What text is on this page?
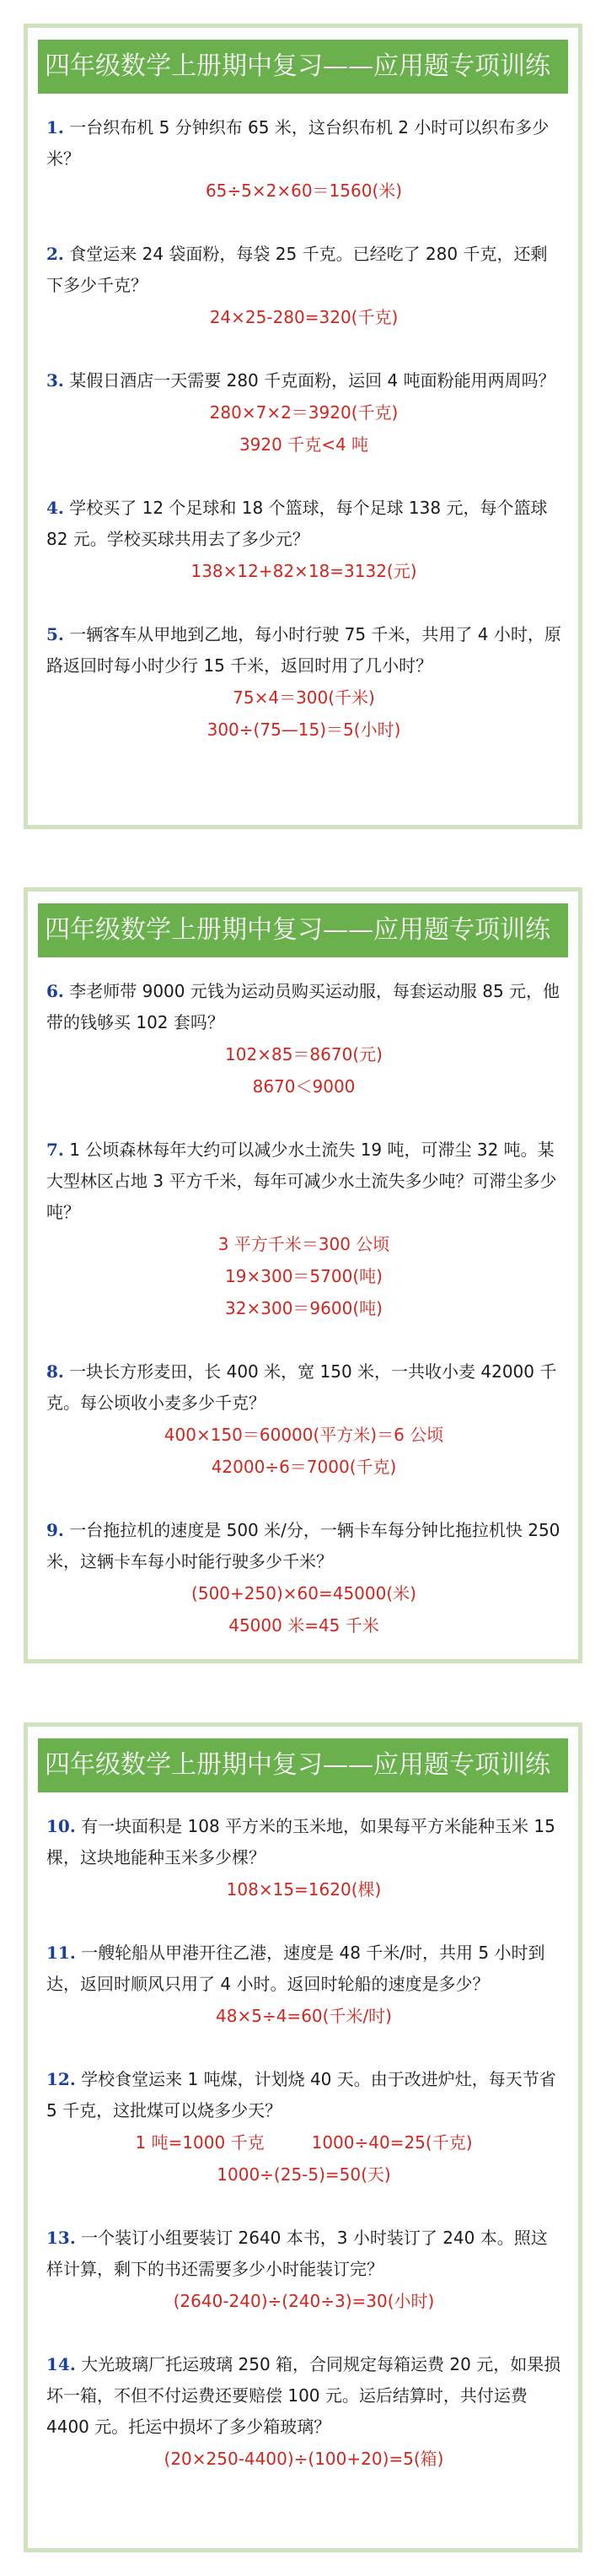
四年级数学上册期中复习——应用题专项训练

1. 一台织布机 5 分钟织布 65 米，这台织布机 2 小时可以织布多少米？

65÷5×2×60＝1560(米)

2. 食堂运来 24 袋面粉，每袋 25 千克。已经吃了 280 千克，还剩下多少千克？

24×25-280=320(千克)

3. 某假日酒店一天需要 280 千克面粉，运回 4 吨面粉能用两周吗？

280×7×2＝3920(千克)

3920 千克<4 吨

4. 学校买了 12 个足球和 18 个篮球，每个足球 138 元，每个篮球 82 元。学校买球共用去了多少元？

138×12+82×18=3132(元)

5. 一辆客车从甲地到乙地，每小时行驶 75 千米，共用了 4 小时，原路返回时每小时少行 15 千米，返回时用了几小时？

75×4＝300(千米)

300÷(75—15)＝5(小时)

四年级数学上册期中复习——应用题专项训练

6. 李老师带 9000 元钱为运动员购买运动服，每套运动服 85 元，他带的钱够买 102 套吗？

102×85＝8670(元)

8670＜9000

7. 1 公顷森林每年大约可以减少水土流失 19 吨，可滞尘 32 吨。某大型林区占地 3 平方千米，每年可减少水土流失多少吨？可滞尘多少吨？

3 平方千米＝300 公顷

19×300＝5700(吨)

32×300＝9600(吨)

8. 一块长方形麦田，长 400 米，宽 150 米，一共收小麦 42000 千克。每公顷收小麦多少千克？

400×150＝60000(平方米)＝6 公顷

42000÷6＝7000(千克)

9. 一台拖拉机的速度是 500 米/分，一辆卡车每分钟比拖拉机快 250 米，这辆卡车每小时能行驶多少千米？

(500+250)×60=45000(米)

45000 米=45 千米

四年级数学上册期中复习——应用题专项训练

10. 有一块面积是 108 平方米的玉米地，如果每平方米能种玉米 15 棵，这块地能种玉米多少棵？

108×15=1620(棵)

11. 一艘轮船从甲港开往乙港，速度是 48 千米/时，共用 5 小时到达，返回时顺风只用了 4 小时。返回时轮船的速度是多少？

48×5÷4=60(千米/时)

12. 学校食堂运来 1 吨煤，计划烧 40 天。由于改进炉灶，每天节省 5 千克，这批煤可以烧多少天？

1 吨=1000 千克	1000÷40=25(千克)

1000÷(25-5)=50(天)

13. 一个装订小组要装订 2640 本书，3 小时装订了 240 本。照这样计算，剩下的书还需要多少小时能装订完？

(2640-240)÷(240÷3)=30(小时)

14. 大光玻璃厂托运玻璃 250 箱，合同规定每箱运费 20 元，如果损坏一箱，不但不付运费还要赔偿 100 元。运后结算时，共付运费 4400 元。托运中损坏了多少箱玻璃？

(20×250-4400)÷(100+20)=5(箱)
